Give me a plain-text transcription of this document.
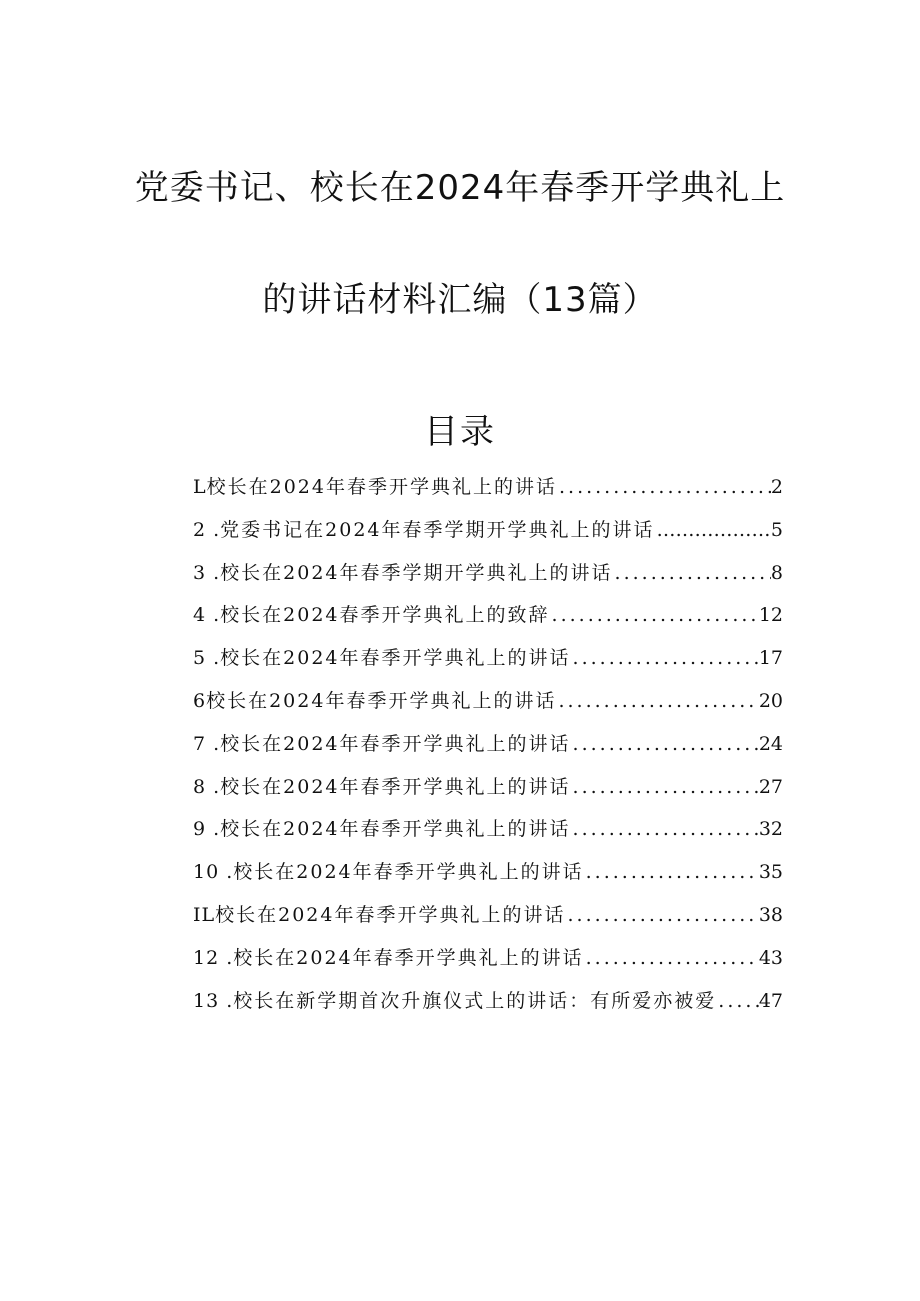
党委书记、校长在2024年春季开学典礼上
的讲话材料汇编（13篇）
目录
L 校长在2024年春季开学典礼上的讲话 .....	2
2 . 党委书记在2024年春季学期开学典礼上的讲话 ………………………………………	5
3 . 校长在2024年春季学期开学典礼上的讲话 .....	8
4 . 校长在2024春季开学典礼上的致辞 .....	12
5 . 校长在2024年春季开学典礼上的讲话 .....	17
6 校长在2024年春季开学典礼上的讲话 .....	20
7 . 校长在2024年春季开学典礼上的讲话 .....	24
8 . 校长在2024年春季开学典礼上的讲话 .....	27
9 . 校长在2024年春季开学典礼上的讲话 .....	32
10 . 校长在2024年春季开学典礼上的讲话 .....	35
IL 校长在2024年春季开学典礼上的讲话 .....	38
12 . 校长在2024年春季开学典礼上的讲话 .....	43
13 . 校长在新学期首次升旗仪式上的讲话：有所爱亦被爱 ..... 47
